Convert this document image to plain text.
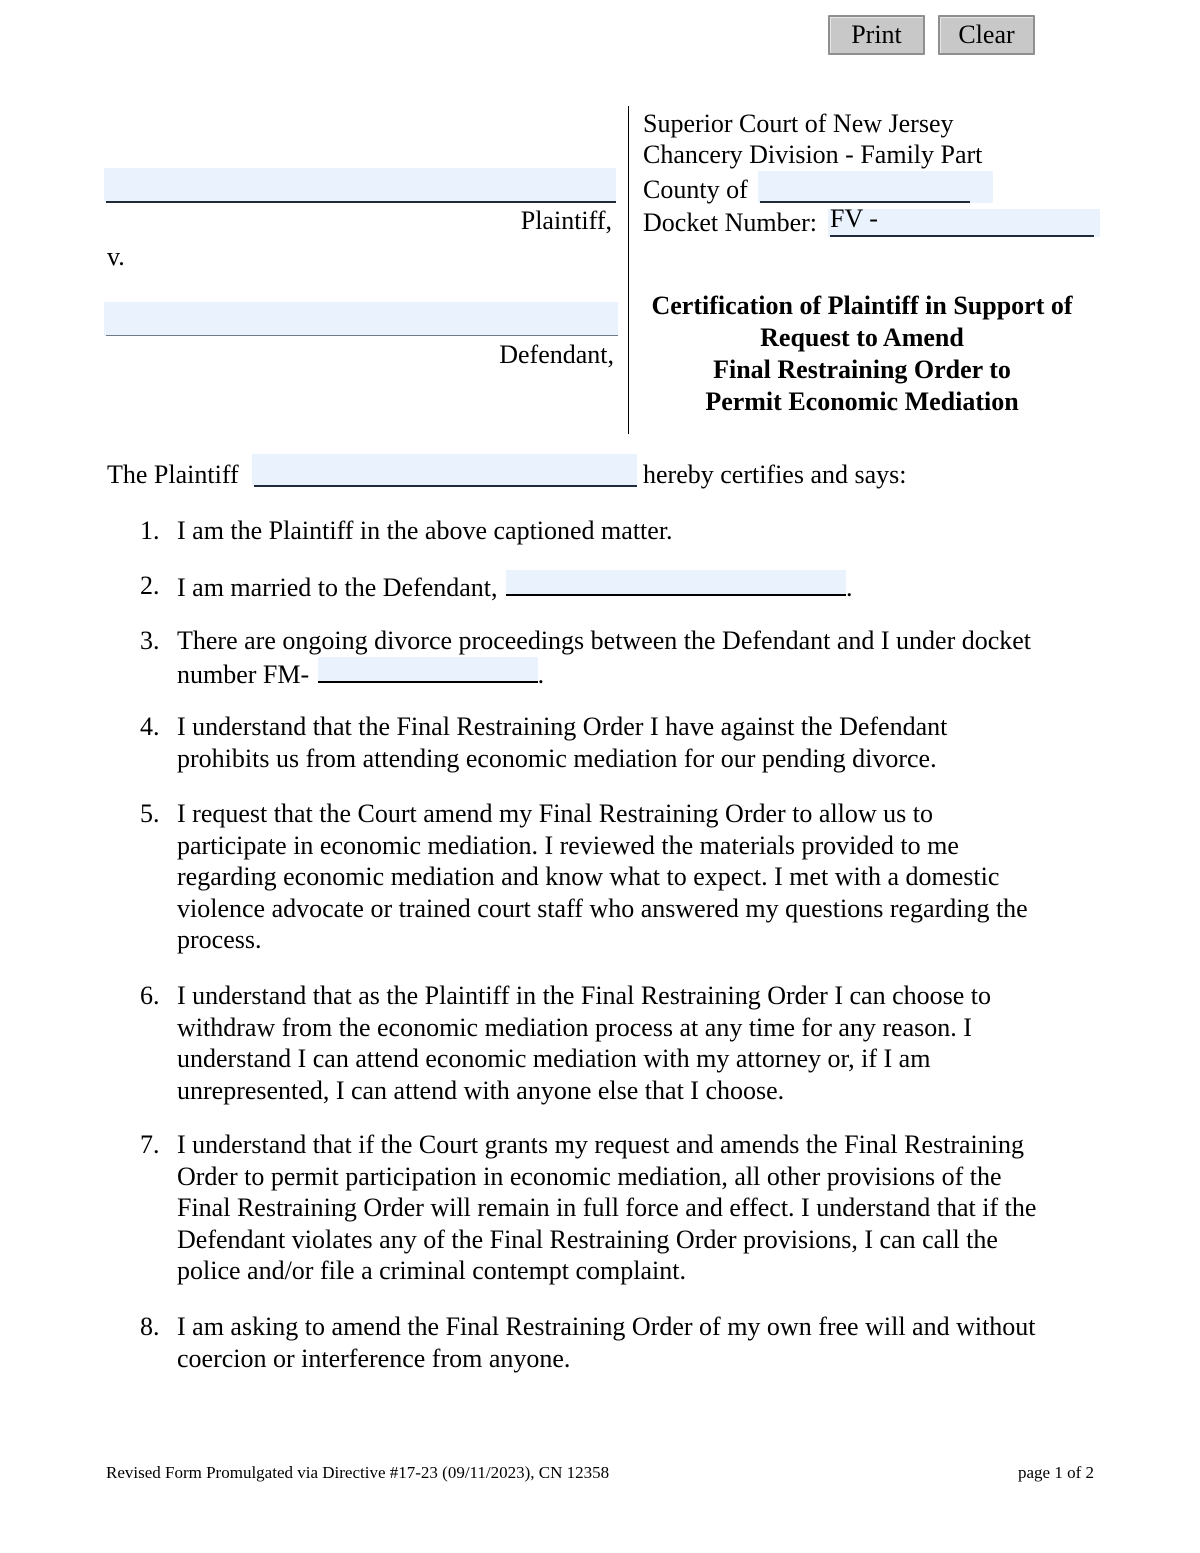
Print	Clear
Plaintiff,
v.
Defendant,
Superior Court of New Jersey
Chancery Division - Family Part
County of
Docket Number: FV -
Certification of Plaintiff in Support of
Request to Amend
Final Restraining Order to
Permit Economic Mediation
The Plaintiff	hereby certifies and says:
1. I am the Plaintiff in the above captioned matter.
2. I am married to the Defendant,	.
3. There are ongoing divorce proceedings between the Defendant and I under docket
number FM-	.
4. I understand that the Final Restraining Order I have against the Defendant
prohibits us from attending economic mediation for our pending divorce.
5. I request that the Court amend my Final Restraining Order to allow us to
participate in economic mediation. I reviewed the materials provided to me
regarding economic mediation and know what to expect. I met with a domestic
violence advocate or trained court staff who answered my questions regarding the
process.
6. I understand that as the Plaintiff in the Final Restraining Order I can choose to
withdraw from the economic mediation process at any time for any reason. I
understand I can attend economic mediation with my attorney or, if I am
unrepresented, I can attend with anyone else that I choose.
7. I understand that if the Court grants my request and amends the Final Restraining
Order to permit participation in economic mediation, all other provisions of the
Final Restraining Order will remain in full force and effect. I understand that if the
Defendant violates any of the Final Restraining Order provisions, I can call the
police and/or file a criminal contempt complaint.
8. I am asking to amend the Final Restraining Order of my own free will and without
coercion or interference from anyone.
Revised Form Promulgated via Directive #17-23 (09/11/2023), CN 12358	page 1 of 2
